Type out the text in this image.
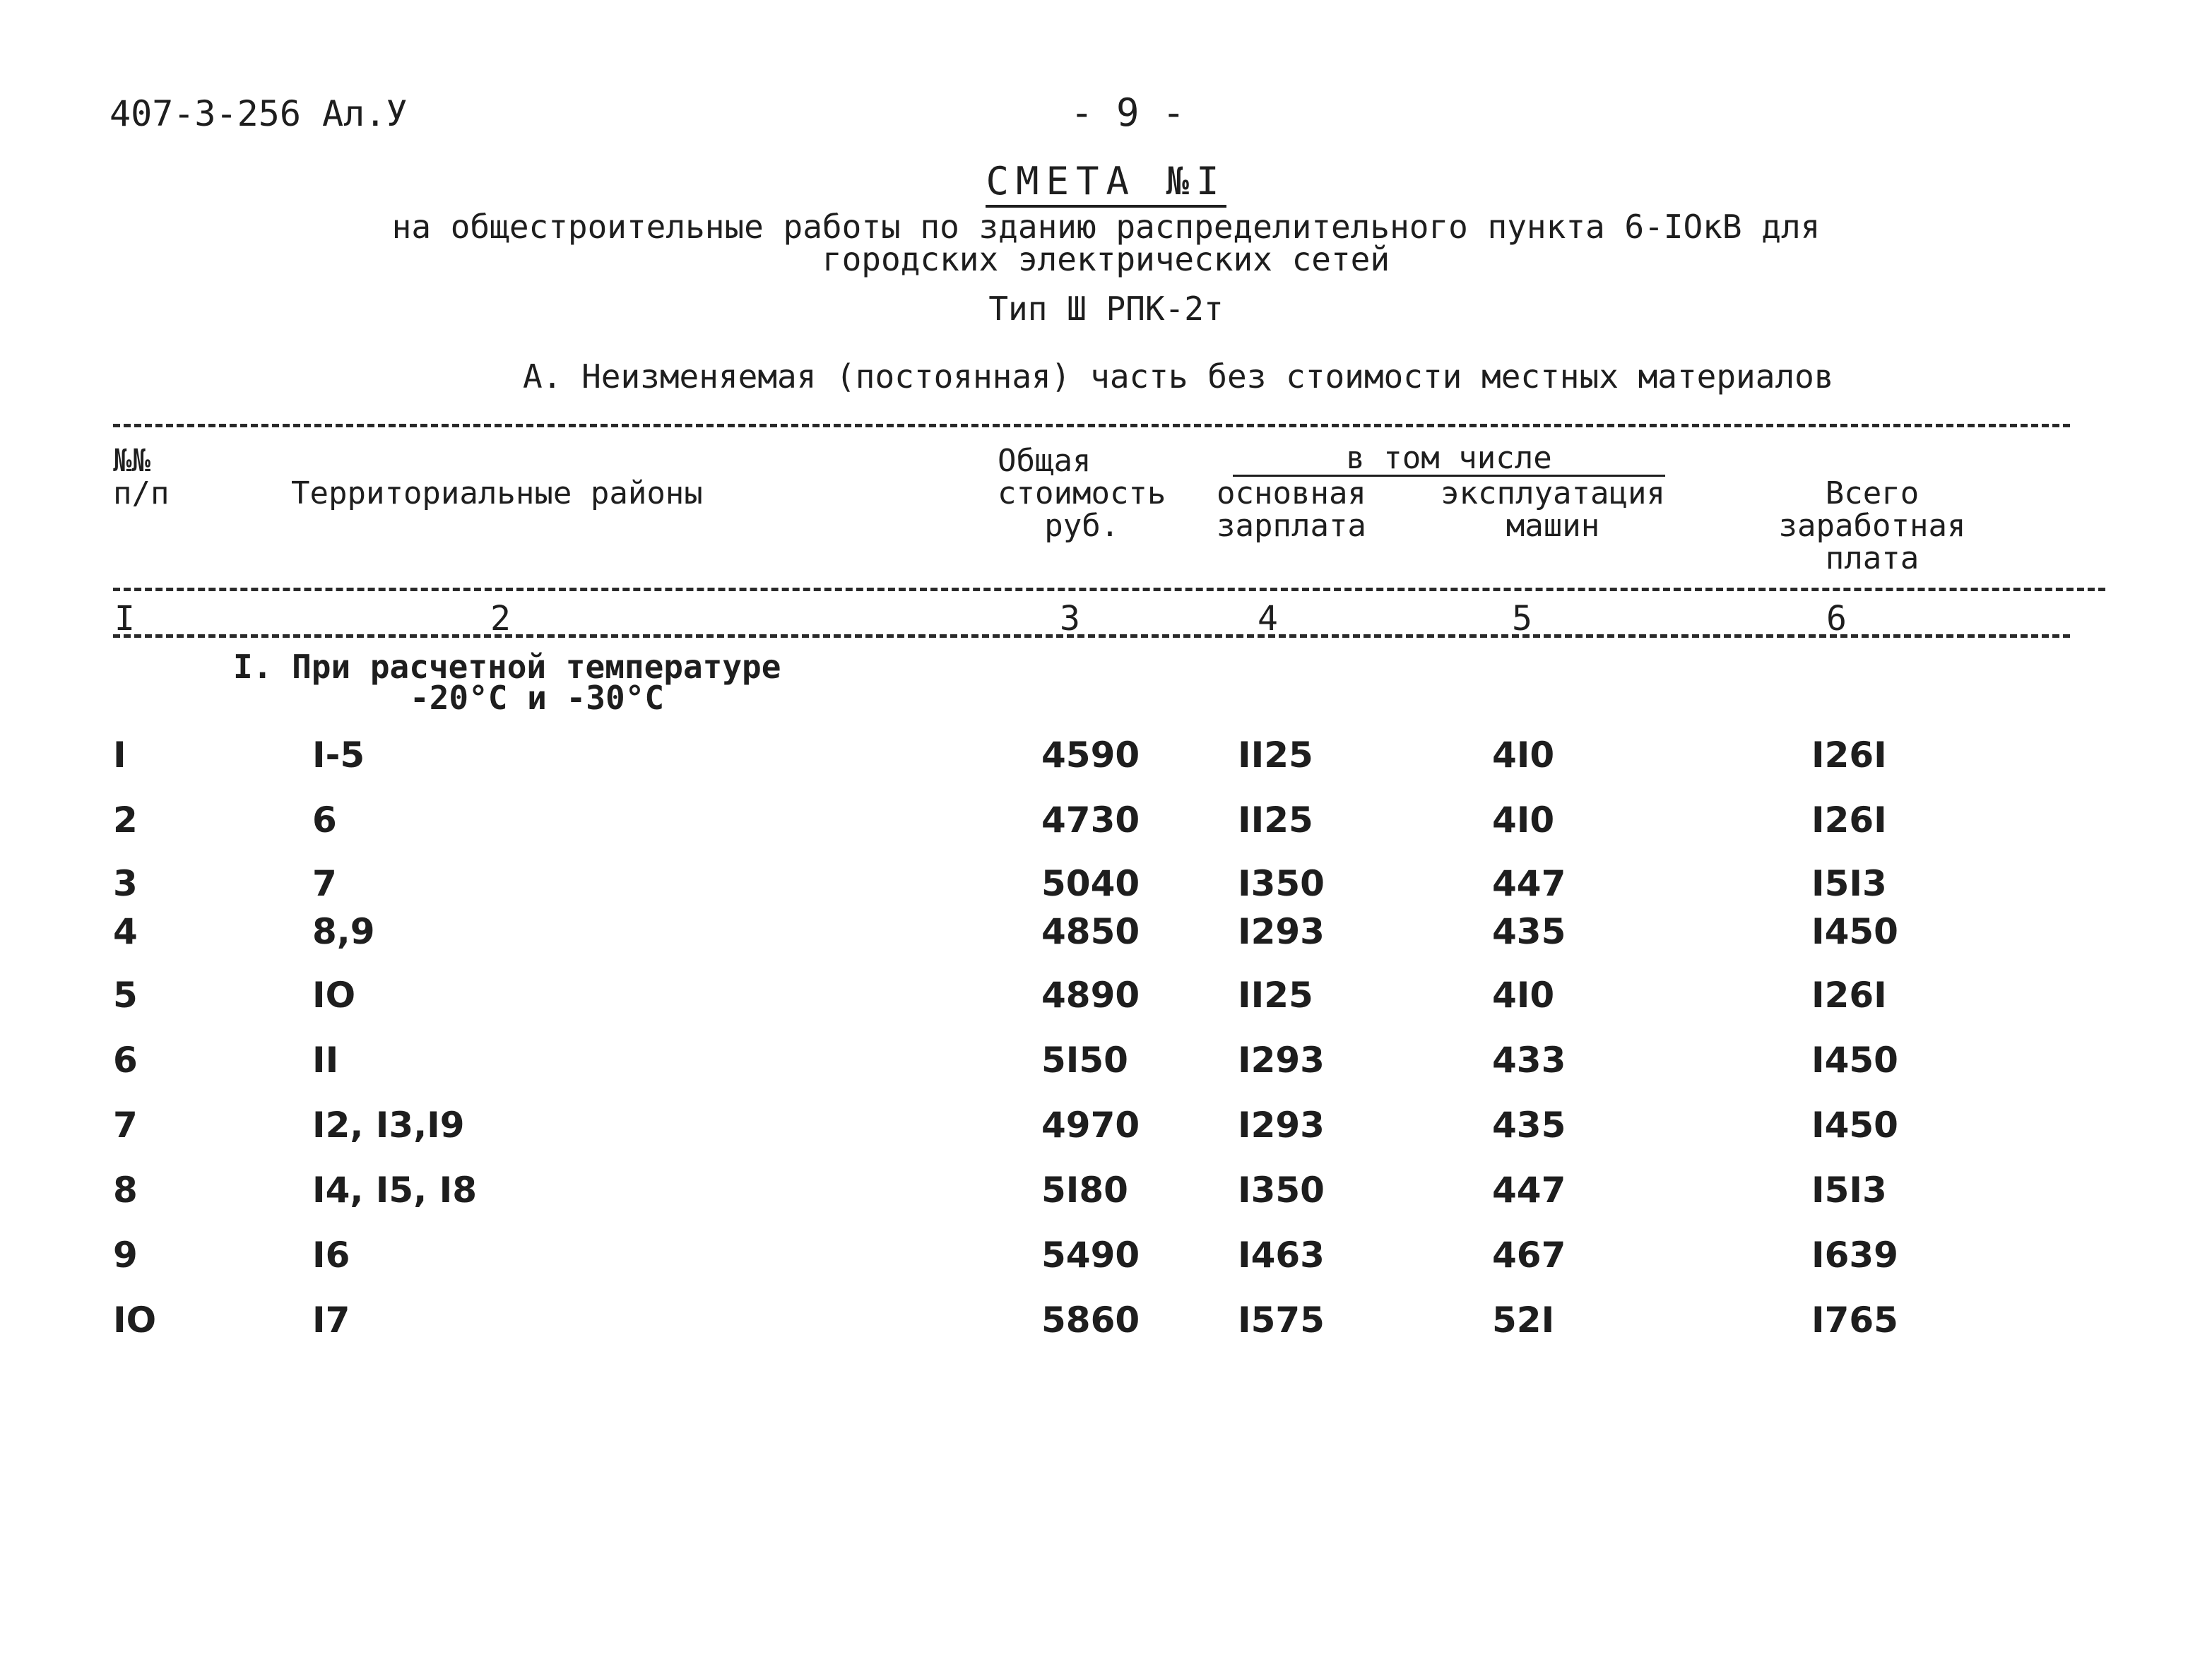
407-3-256 Ал.У	- 9 -
СМЕТА №I
на общестроительные работы по зданию распределительного пункта 6-IOкВ для
городских электрических сетей
Тип Ш РПК-2т
А. Неизменяемая (постоянная) часть без стоимости местных материалов
№№
п/п	Территориальные районы
Общая
стоимость
руб.
в том числе
основная
зарплата
эксплуатация
машин
Всего
заработная
плата
I	2	3	4	5	6
I. При расчетной температуре
-20°С и -30°С
I	I-5	4590	II25	4I0	I26I
2	6	4730	II25	4I0	I26I
3	7	5040	I350	447	I5I3
4	8,9	4850	I293	435	I450
5	IO	4890	II25	4I0	I26I
6	II	5I50	I293	433	I450
7	I2, I3,I9	4970	I293	435	I450
8	I4, I5, I8	5I80	I350	447	I5I3
9	I6	5490	I463	467	I639
IO	I7	5860	I575	52I	I765
